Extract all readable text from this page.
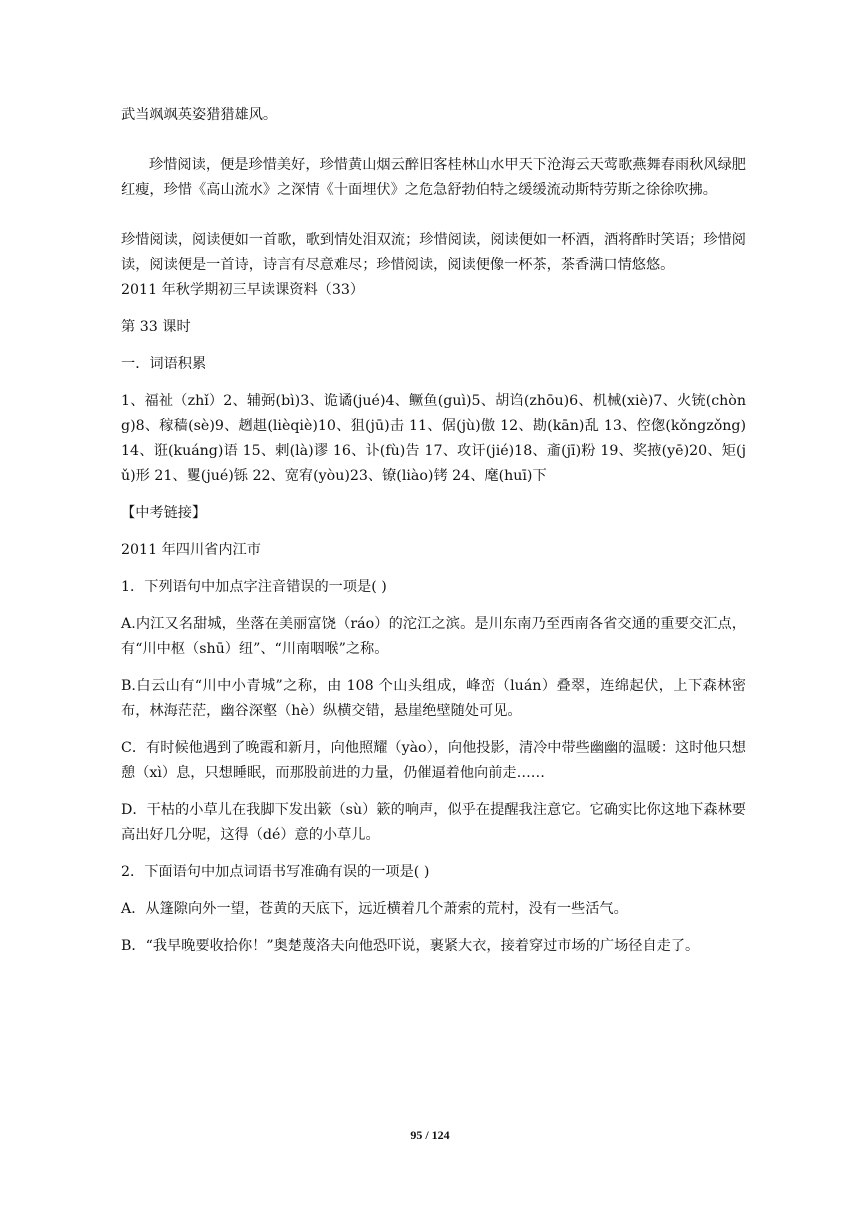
武当飒飒英姿猎猎雄风。

珍惜阅读，便是珍惜美好，珍惜黄山烟云醉旧客桂林山水甲天下沧海云天莺歌燕舞春雨秋风绿肥红瘦，珍惜《高山流水》之深情《十面埋伏》之危急舒勃伯特之缓缓流动斯特劳斯之徐徐吹拂。

珍惜阅读，阅读便如一首歌，歌到情处泪双流；珍惜阅读，阅读便如一杯酒，酒将酢时笑语；珍惜阅读，阅读便是一首诗，诗言有尽意难尽；珍惜阅读，阅读便像一杯茶，茶香满口情悠悠。

2011 年秋学期初三早读课资料（33）

第 33 课时

一．词语积累

1、福祉（zhǐ）2、辅弼(bì)3、诡谲(jué)4、鳜鱼(guì)5、胡诌(zhōu)6、机械(xiè)7、火铳(chòng)8、稼穑(sè)9、趔趄(lièqiè)10、狙(jū)击 11、倨(jù)傲 12、勘(kān)乱 13、倥偬(kǒngzǒng)14、诳(kuáng)语 15、剌(là)谬 16、讣(fù)告 17、攻讦(jié)18、齑(jī)粉 19、奖掖(yē)20、矩(jǔ)形 21、矍(jué)铄 22、宽宥(yòu)23、镣(liào)铐 24、麾(huī)下

【中考链接】

2011 年四川省内江市

1．下列语句中加点字注音错误的一项是( )

A.内江又名甜城，坐落在美丽富饶（ráo）的沱江之滨。是川东南乃至西南各省交通的重要交汇点，有“川中枢（shū）纽”、“川南咽喉”之称。

B.白云山有“川中小青城”之称，由 108 个山头组成，峰峦（luán）叠翠，连绵起伏，上下森林密布，林海茫茫，幽谷深壑（hè）纵横交错，悬崖绝壁随处可见。

C．有时候他遇到了晚霞和新月，向他照耀（yào），向他投影，清冷中带些幽幽的温暖：这时他只想憩（xì）息，只想睡眠，而那股前进的力量，仍催逼着他向前走……

D．干枯的小草儿在我脚下发出簌（sù）簌的响声，似乎在提醒我注意它。它确实比你这地下森林要高出好几分呢，这得（dé）意的小草儿。

2．下面语句中加点词语书写准确有误的一项是( )

A．从篷隙向外一望，苍黄的天底下，远近横着几个萧索的荒村，没有一些活气。

B．“我早晚要收拾你！”奥楚蔑洛夫向他恐吓说，裹紧大衣，接着穿过市场的广场径自走了。

95 / 124
